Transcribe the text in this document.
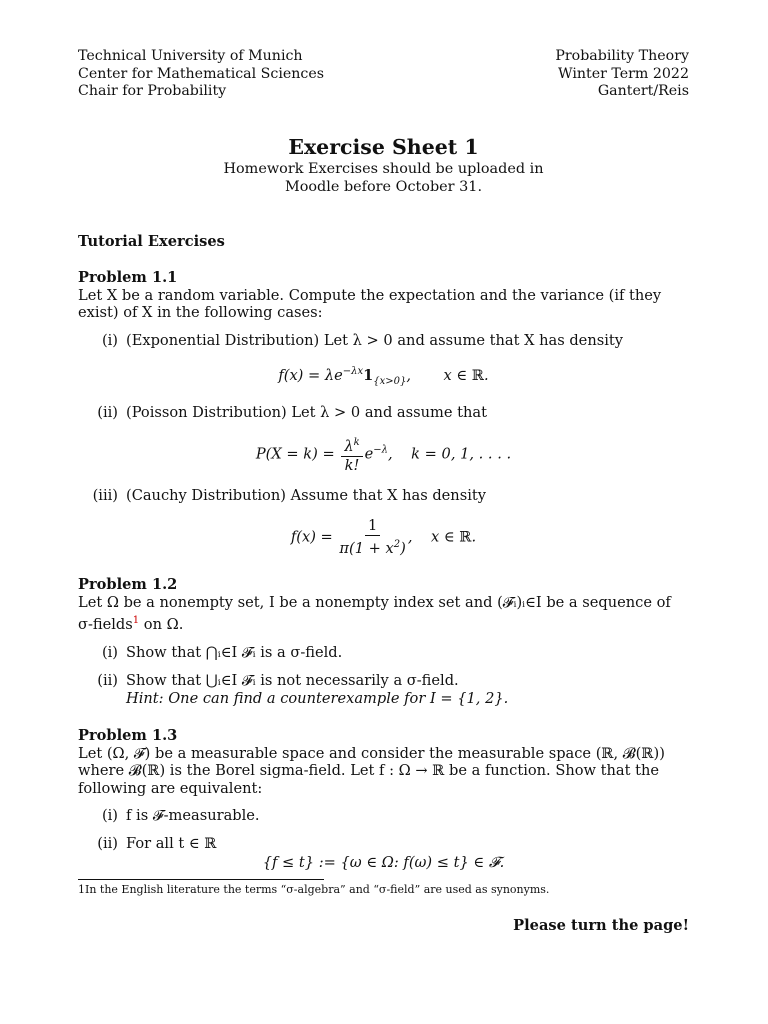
Technical University of Munich
Center for Mathematical Sciences
Chair for Probability
Probability Theory
Winter Term 2022
Gantert/Reis
Exercise Sheet 1
Homework Exercises should be uploaded in
Moodle before October 31.
Tutorial Exercises
Problem 1.1

Let X be a random variable. Compute the expectation and the variance (if they exist) of X in the following cases:

(i) (Exponential Distribution) Let λ > 0 and assume that X has density
$f(x) = \lambda e^{-\lambda x}1_{\{x>0\}}$,       x ∈ ℝ.
(ii) (Poisson Distribution) Let λ > 0 and assume that
$P(X = k) = \frac{\lambda^k}{k!} e^{-\lambda}$,    k = 0, 1, . . . .
(iii) (Cauchy Distribution) Assume that X has density
$f(x) = \frac{1}{\pi(1 + x^2)}$ ,    x ∈ ℝ.
Problem 1.2

Let Ω be a nonempty set, I be a nonempty index set and (𝓕ᵢ)ᵢ∈I be a sequence of σ-fields$^1$ on Ω.

(i) Show that ⋂ᵢ∈I 𝓕ᵢ is a σ-field.
(ii) Show that ⋃ᵢ∈I 𝓕ᵢ is not necessarily a σ-field.
Hint: One can find a counterexample for I = {1, 2}.
Problem 1.3

Let (Ω, 𝓕) be a measurable space and consider the measurable space (ℝ, 𝓑(ℝ)) where 𝓑(ℝ) is the Borel sigma-field. Let f : Ω → ℝ be a function. Show that the following are equivalent:

(i) f is 𝓕-measurable.
(ii) For all t ∈ ℝ
{f ≤ t} := {ω ∈ Ω: f(ω) ≤ t} ∈ 𝓕.
1In the English literature the terms “σ-algebra” and “σ-field” are used as synonyms.
Please turn the page!
